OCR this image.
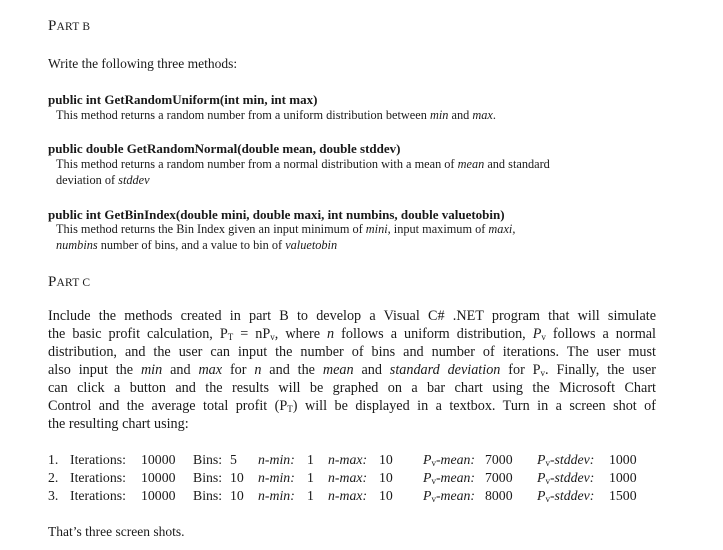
PART B
Write the following three methods:
public int GetRandomUniform(int min, int max)
This method returns a random number from a uniform distribution between min and max.
public double GetRandomNormal(double mean, double stddev)
This method returns a random number from a normal distribution with a mean of mean and standard
deviation of stddev
public int GetBinIndex(double mini, double maxi, int numbins, double valuetobin)
This method returns the Bin Index given an input minimum of mini, input maximum of maxi,
numbins number of bins, and a value to bin of valuetobin
PART C
Include the methods created in part B to develop a Visual C# .NET program that will simulate
the basic profit calculation, $P_T = nP_v$, where n follows a uniform distribution, $P_v$ follows a normal
distribution, and the user can input the number of bins and number of iterations. The user must
also input the min and max for n and the mean and standard deviation for $P_v$. Finally, the user
can click a button and the results will be graphed on a bar chart using the Microsoft Chart
Control and the average total profit $(P_T)$ will be displayed in a textbox. Turn in a screen shot of
the resulting chart using:
1. Iterations: 10000 Bins: 5 n-min: 1 n-max: 10 $P_v$-mean: 7000 $P_v$-stddev: 1000
2. Iterations: 10000 Bins: 10 n-min: 1 n-max: 10 $P_v$-mean: 7000 $P_v$-stddev: 1000
3. Iterations: 10000 Bins: 10 n-min: 1 n-max: 10 $P_v$-mean: 8000 $P_v$-stddev: 1500
That’s three screen shots.
